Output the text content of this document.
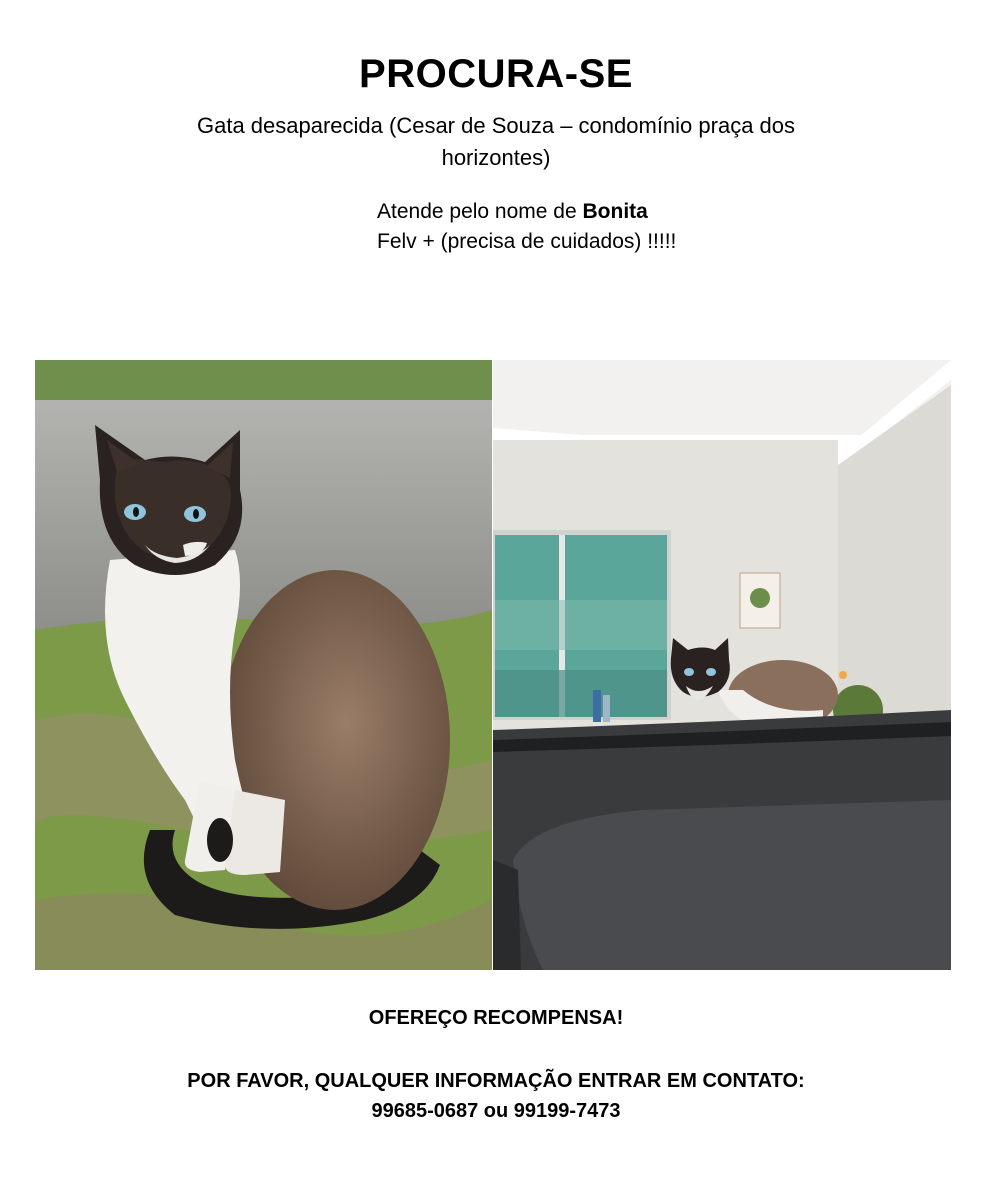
PROCURA-SE
Gata desaparecida (Cesar de Souza – condomínio praça dos horizontes)
Atende pelo nome de Bonita
Felv + (precisa de cuidados) !!!!!
OFEREÇO RECOMPENSA!
POR FAVOR, QUALQUER INFORMAÇÃO ENTRAR EM CONTATO:
99685-0687 ou 99199-7473
